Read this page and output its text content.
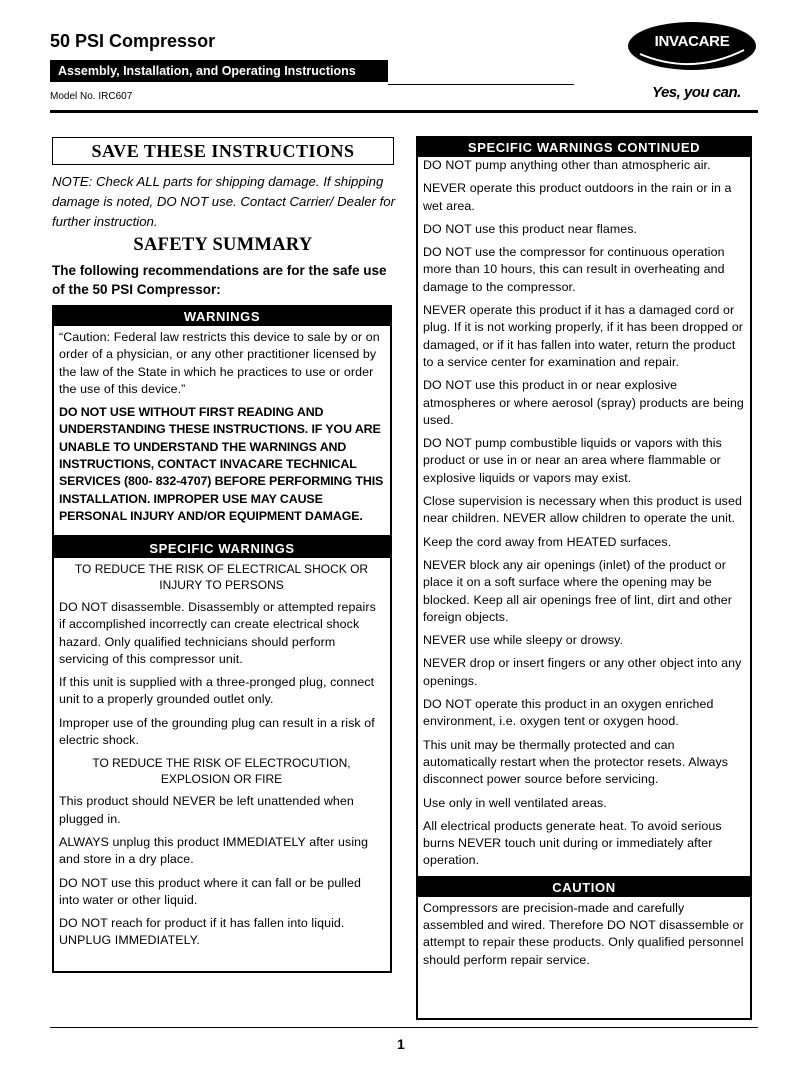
50 PSI Compressor
Assembly, Installation, and Operating Instructions
Model No. IRC607
INVACARE
Yes, you can.
SAVE THESE INSTRUCTIONS
NOTE: Check ALL parts for shipping damage. If shipping damage is noted, DO NOT use. Contact Carrier/ Dealer for further instruction.
SAFETY SUMMARY
The following recommendations are for the safe use of the 50 PSI Compressor:
WARNINGS

“Caution: Federal law restricts this device to sale by or on order of a physician, or any other practitioner licensed by the law of the State in which he practices to use or order the use of this device.”

DO NOT USE WITHOUT FIRST READING AND UNDERSTANDING THESE INSTRUCTIONS. IF YOU ARE UNABLE TO UNDERSTAND THE WARNINGS AND INSTRUCTIONS, CONTACT INVACARE TECHNICAL SERVICES (800- 832-4707) BEFORE PERFORMING THIS INSTALLATION. IMPROPER USE MAY CAUSE PERSONAL INJURY AND/OR EQUIPMENT DAMAGE.

SPECIFIC WARNINGS

TO REDUCE THE RISK OF ELECTRICAL SHOCK OR INJURY TO PERSONS

DO NOT disassemble. Disassembly or attempted repairs if accomplished incorrectly can create electrical shock hazard. Only qualified technicians should perform servicing of this compressor unit.

If this unit is supplied with a three-pronged plug, connect unit to a properly grounded outlet only.

Improper use of the grounding plug can result in a risk of electric shock.

TO REDUCE THE RISK OF ELECTROCUTION, EXPLOSION OR FIRE

This product should NEVER be left unattended when plugged in.

ALWAYS unplug this product IMMEDIATELY after using and store in a dry place.

DO NOT use this product where it can fall or be pulled into water or other liquid.

DO NOT reach for product if it has fallen into liquid. UNPLUG IMMEDIATELY.

SPECIFIC WARNINGS CONTINUED

DO NOT pump anything other than atmospheric air.

NEVER operate this product outdoors in the rain or in a wet area.

DO NOT use this product near flames.

DO NOT use the compressor for continuous operation more than 10 hours, this can result in overheating and damage to the compressor.

NEVER operate this product if it has a damaged cord or plug. If it is not working properly, if it has been dropped or damaged, or if it has fallen into water, return the product to a service center for examination and repair.

DO NOT use this product in or near explosive atmospheres or where aerosol (spray) products are being used.

DO NOT pump combustible liquids or vapors with this product or use in or near an area where flammable or explosive liquids or vapors may exist.

Close supervision is necessary when this product is used near children. NEVER allow children to operate the unit.

Keep the cord away from HEATED surfaces.

NEVER block any air openings (inlet) of the product or place it on a soft surface where the opening may be blocked. Keep all air openings free of lint, dirt and other foreign objects.

NEVER use while sleepy or drowsy.

NEVER drop or insert fingers or any other object into any openings.

DO NOT operate this product in an oxygen enriched environment, i.e. oxygen tent or oxygen hood.

This unit may be thermally protected and can automatically restart when the protector resets. Always disconnect power source before servicing.

Use only in well ventilated areas.

All electrical products generate heat. To avoid serious burns NEVER touch unit during or immediately after operation.

CAUTION

Compressors are precision-made and carefully assembled and wired. Therefore DO NOT disassemble or attempt to repair these products. Only qualified personnel should perform repair service.

1
